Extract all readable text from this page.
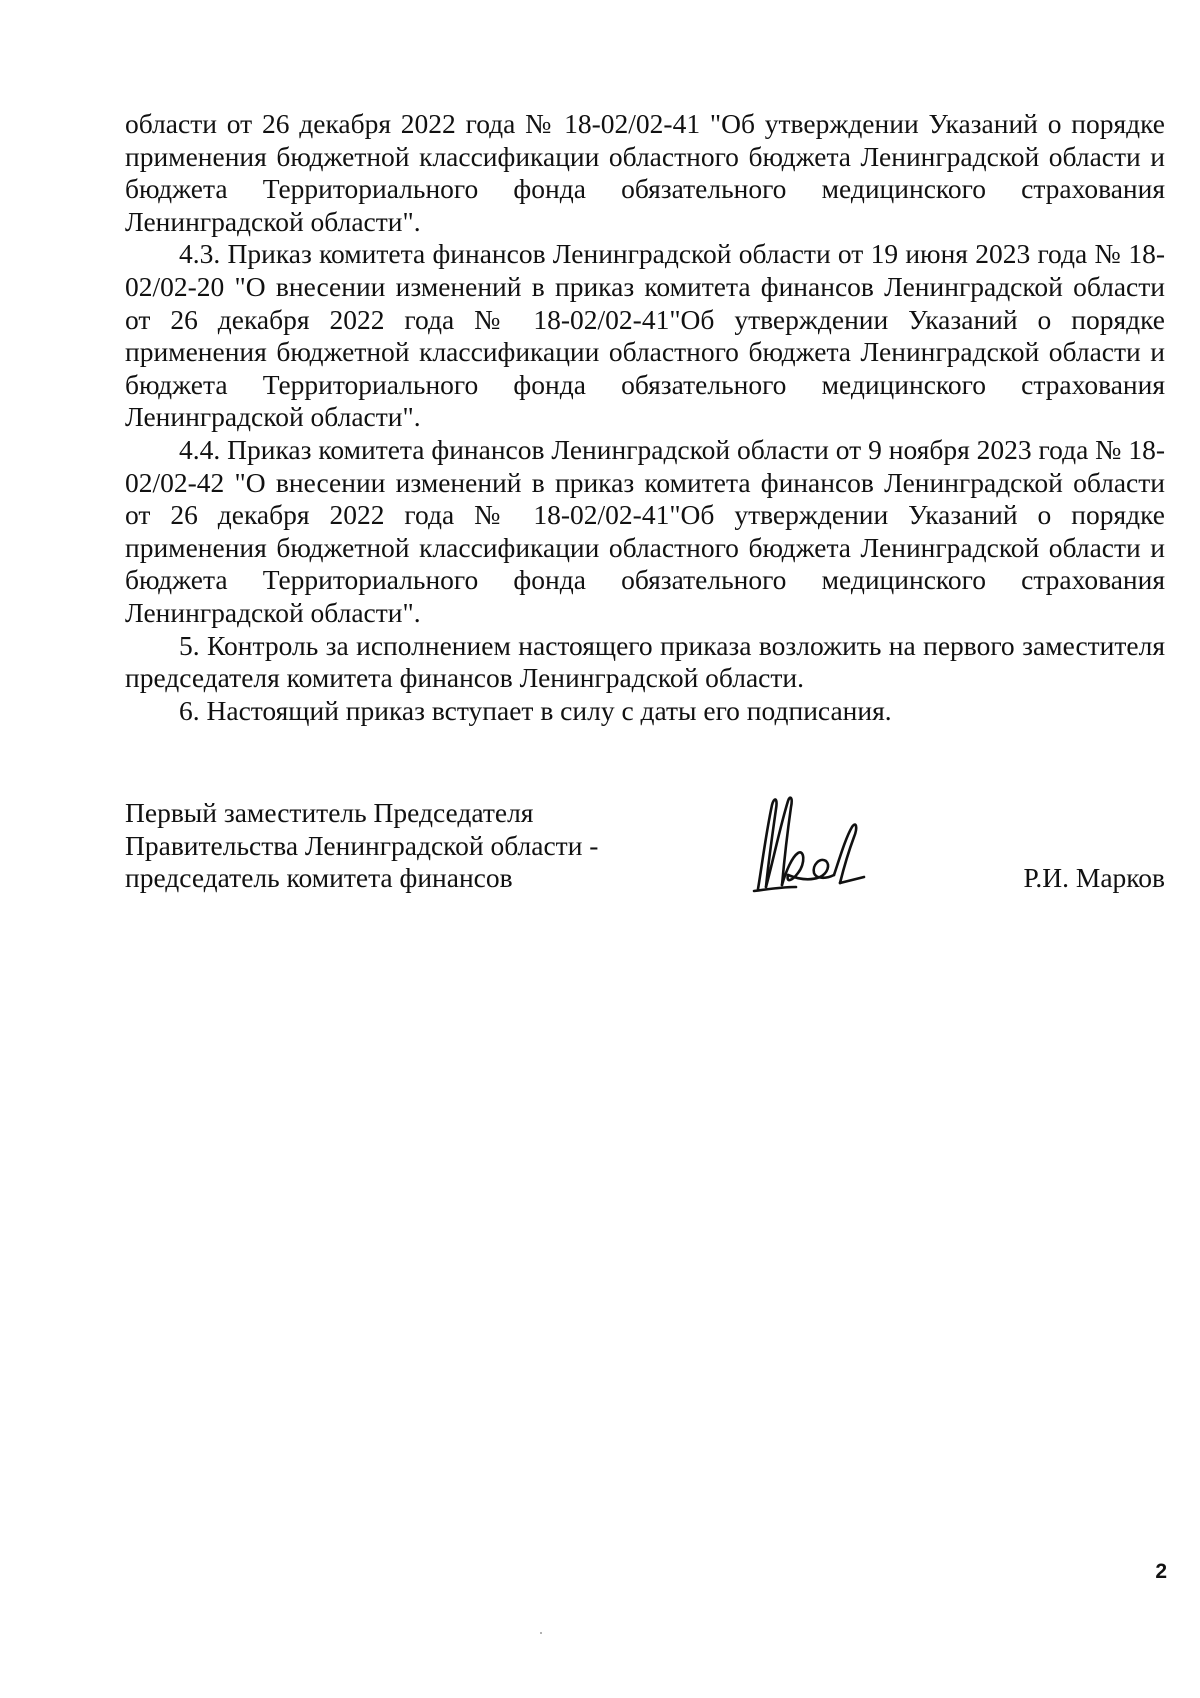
области от 26 декабря 2022 года № 18-02/02-41 "Об утверждении Указаний о порядке применения бюджетной классификации областного бюджета Ленинградской области и бюджета Территориального фонда обязательного медицинского страхования Ленинградской области".

4.3. Приказ комитета финансов Ленинградской области от 19 июня 2023 года № 18-02/02-20 "О внесении изменений в приказ комитета финансов Ленинградской области от 26 декабря 2022 года № 18-02/02-41"Об утверждении Указаний о порядке применения бюджетной классификации областного бюджета Ленинградской области и бюджета Территориального фонда обязательного медицинского страхования Ленинградской области".

4.4. Приказ комитета финансов Ленинградской области от 9 ноября 2023 года № 18-02/02-42 "О внесении изменений в приказ комитета финансов Ленинградской области от 26 декабря 2022 года № 18-02/02-41"Об утверждении Указаний о порядке применения бюджетной классификации областного бюджета Ленинградской области и бюджета Территориального фонда обязательного медицинского страхования Ленинградской области".

5. Контроль за исполнением настоящего приказа возложить на первого заместителя председателя комитета финансов Ленинградской области.

6. Настоящий приказ вступает в силу с даты его подписания.

Первый заместитель Председателя
Правительства Ленинградской области -
председатель комитета финансов	Р.И. Марков
2
